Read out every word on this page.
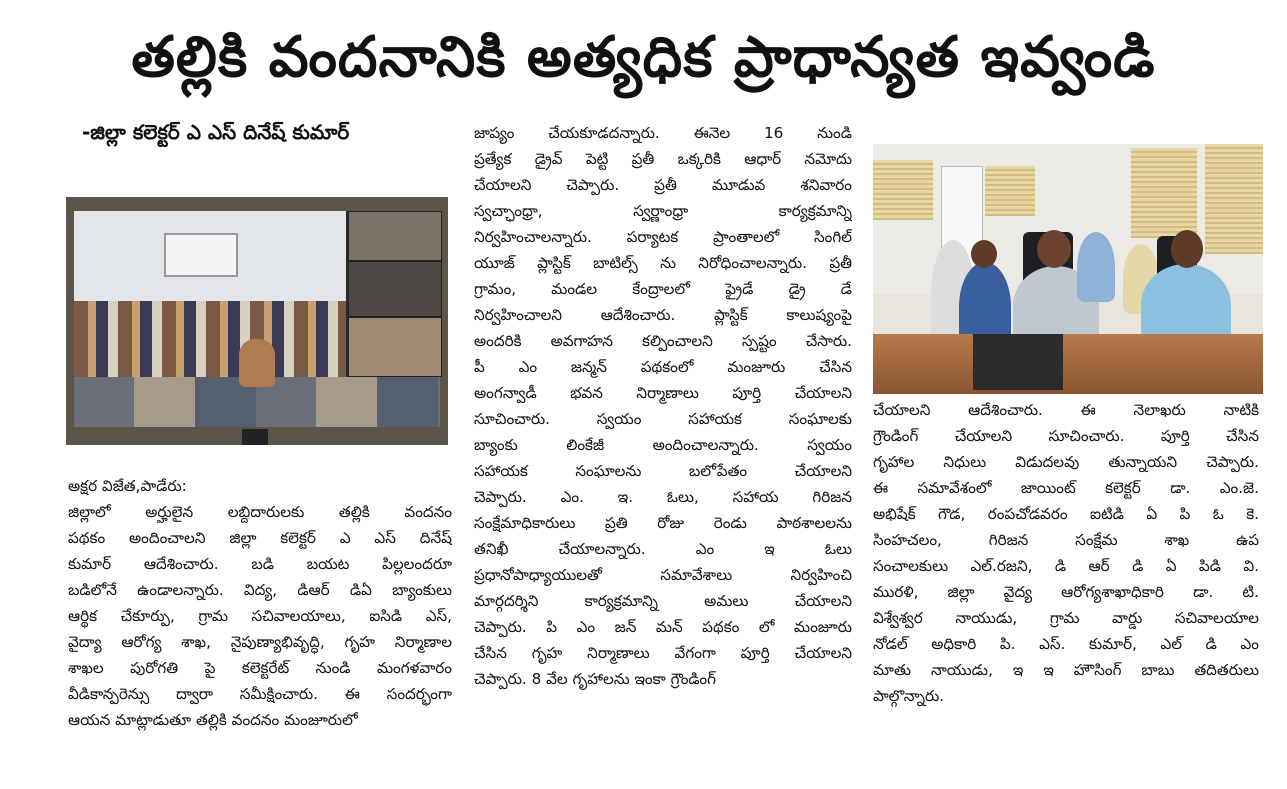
తల్లికి వందనానికి అత్యధిక ప్రాధాన్యత ఇవ్వండి
-జిల్లా కలెక్టర్ ఎ ఎస్ దినేష్ కుమార్
అక్షర విజేత,పాడేరు:
జిల్లాలో అర్హులైన లబ్దిదారులకు తల్లికి వందనం
పథకం అందించాలని జిల్లా కలెక్టర్ ఎ ఎస్ దినేష్
కుమార్ ఆదేశించారు. బడి బయట పిల్లలందరూ
బడిలోనే ఉండాలన్నారు. విద్య, డిఆర్ డిఏ బ్యాంకులు
ఆర్థిక చేకూర్పు, గ్రామ సచివాలయాలు, ఐసిడి ఎస్,
వైద్యా ఆరోగ్య శాఖ, నైపుణ్యాభివృద్ధి, గృహ నిర్మాణాల
శాఖల పురోగతి పై కలెక్టరేట్ నుండి మంగళవారం
వీడికాన్పరెన్సు ద్వారా సమీక్షించారు. ఈ సందర్భంగా
ఆయన మాట్లాడుతూ తల్లికి వందనం మంజూరులో
జాప్యం చేయకూడదన్నారు. ఈనెల 16 నుండి
ప్రత్యేక డ్రైవ్ పెట్టి ప్రతీ ఒక్కరికి ఆధార్ నమోదు
చేయాలని చెప్పారు. ప్రతీ మూడువ శనివారం
స్వచ్ఛాంధ్రా, స్వర్ణాంధ్రా కార్యక్రమాన్ని
నిర్వహించాలన్నారు. పర్యాటక ప్రాంతాలలో సింగిల్
యూజ్ ప్లాస్టిక్ బాటిల్స్ ను నిరోధించాలన్నారు. ప్రతీ
గ్రామం, మండల కేంద్రాలలో ఫ్రైడే డ్రై డే
నిర్వహించాలని ఆదేశించారు. ప్లాస్టిక్ కాలుష్యంపై
అందరికి అవగాహన కల్పించాలని స్పష్టం చేసారు.
పీ ఎం జన్మన్ పథకంలో మంజూరు చేసిన
అంగన్వాడీ భవన నిర్మాణాలు పూర్తి చేయాలని
సూచించారు. స్వయం సహాయక సంఘాలకు
బ్యాంకు లింకేజీ అందించాలన్నారు. స్వయం
సహాయక సంఘాలను బలోపేతం చేయాలని
చెప్పారు. ఎం. ఇ. ఓలు, సహాయ గిరిజన
సంక్షేమాధికారులు ప్రతి రోజు రెండు పాఠశాలలను
తనిఖీ చేయాలన్నారు. ఎం ఇ ఓలు
ప్రధానోపాధ్యాయులతో సమావేశాలు నిర్వహించి
మార్గదర్శిని కార్యక్రమాన్ని అమలు చేయాలని
చెప్పారు. పి ఎం జన్ మన్ పథకం లో మంజూరు
చేసిన గృహ నిర్మాణాలు వేగంగా పూర్తి చేయాలని
చెప్పారు. 8 వేల గృహాలను ఇంకా గ్రౌండింగ్
చేయాలని ఆదేశించారు. ఈ నెలాఖరు నాటికి
గ్రౌండింగ్ చేయాలని సూచించారు. పూర్తి చేసిన
గృహాల నిధులు విడుదలవు తున్నాయని చెప్పారు.
ఈ సమావేశంలో జాయింట్ కలెక్టర్ డా. ఎం.జె.
అభిషేక్ గౌడ, రంపచోడవరం ఐటిడి ఏ పి ఓ కె.
సింహచలం, గిరిజన సంక్షేమ శాఖ ఉప
సంచాలకులు ఎల్.రజని, డి ఆర్ డి ఏ పిడి వి.
మురళి, జిల్లా వైద్య ఆరోగ్యశాఖాధికారి డా. టి.
విశ్వేశ్వర నాయుడు, గ్రామ వార్డు సచివాలయాల
నోడల్ అధికారి పి. ఎస్. కుమార్, ఎల్ డి ఎం
మాతు నాయుడు, ఇ ఇ హౌసింగ్ బాబు తదితరులు
పాల్గొన్నారు.
